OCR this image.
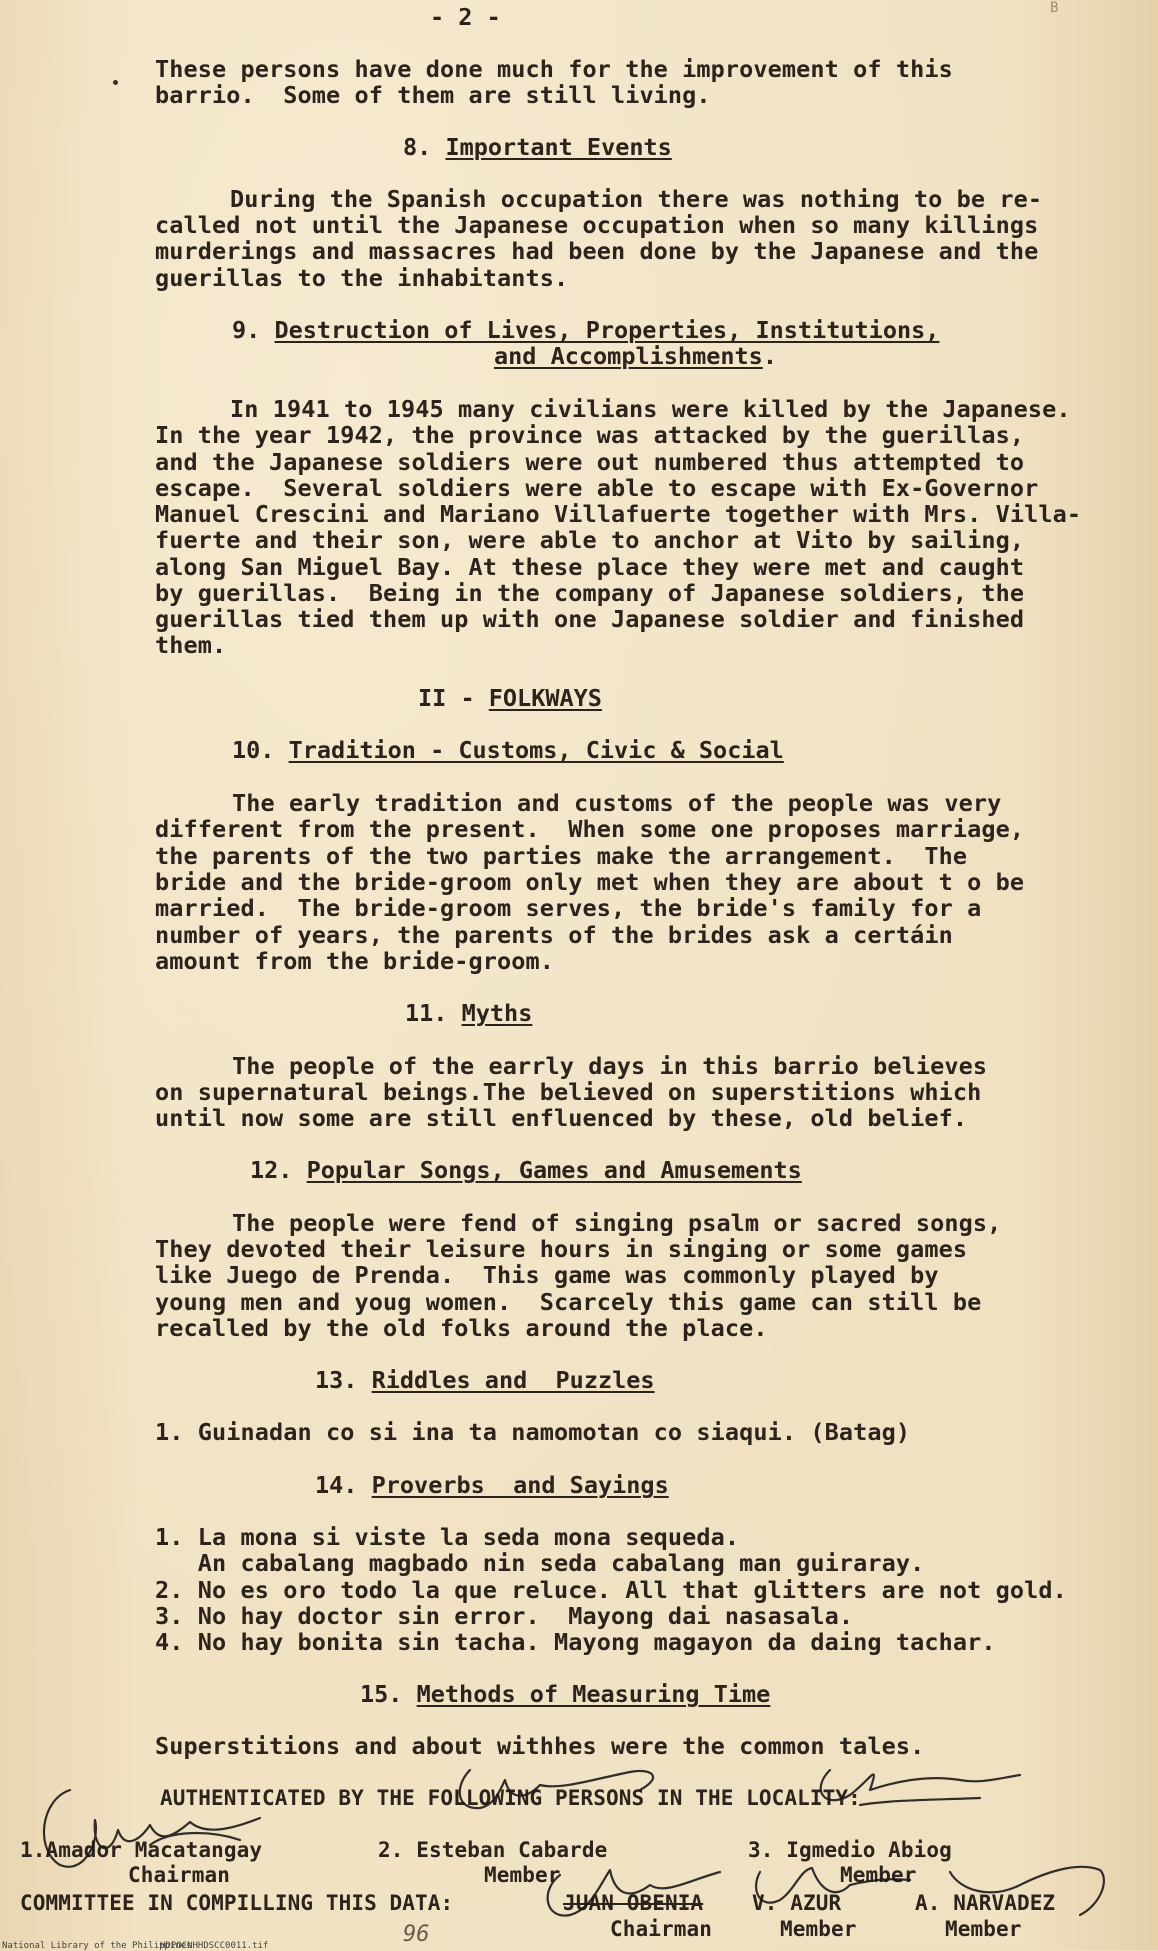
- 2 -	B
These persons have done much for the improvement of this
barrio.  Some of them are still living.
8. Important Events
During the Spanish occupation there was nothing to be re-
called not until the Japanese occupation when so many killings
murderings and massacres had been done by the Japanese and the
guerillas to the inhabitants.
9. Destruction of Lives, Properties, Institutions,
and Accomplishments.
In 1941 to 1945 many civilians were killed by the Japanese.
In the year 1942, the province was attacked by the guerillas,
and the Japanese soldiers were out numbered thus attempted to
escape.  Several soldiers were able to escape with Ex-Governor
Manuel Crescini and Mariano Villafuerte together with Mrs. Villa-
fuerte and their son, were able to anchor at Vito by sailing,
along San Miguel Bay. At these place they were met and caught
by guerillas.  Being in the company of Japanese soldiers, the
guerillas tied them up with one Japanese soldier and finished
them.
II - FOLKWAYS
10. Tradition - Customs, Civic & Social
The early tradition and customs of the people was very
different from the present.  When some one proposes marriage,
the parents of the two parties make the arrangement.  The
bride and the bride-groom only met when they are about t o be
married.  The bride-groom serves, the bride's family for a
number of years, the parents of the brides ask a certáin
amount from the bride-groom.
11. Myths
The people of the earrly days in this barrio believes
on supernatural beings.The believed on superstitions which
until now some are still enfluenced by these, old belief.
12. Popular Songs, Games and Amusements
The people were fend of singing psalm or sacred songs,
They devoted their leisure hours in singing or some games
like Juego de Prenda.  This game was commonly played by
young men and youg women.  Scarcely this game can still be
recalled by the old folks around the place.
13. Riddles and  Puzzles
1. Guinadan co si ina ta namomotan co siaqui. (Batag)
14. Proverbs  and Sayings
1. La mona si viste la seda mona sequeda.
An cabalang magbado nin seda cabalang man guiraray.
2. No es oro todo la que reluce. All that glitters are not gold.
3. No hay doctor sin error.  Mayong dai nasasala.
4. No hay bonita sin tacha. Mayong magayon da daing tachar.
15. Methods of Measuring Time
Superstitions and about withhes were the common tales.
AUTHENTICATED BY THE FOLLOWING PERSONS IN THE LOCALITY:
1.Amador Macatangay
Chairman
2. Esteban Cabarde
Member
3. Igmedio Abiog
Member
COMMITTEE IN COMPILLING THIS DATA:	JUAN OBENIA
Chairman
V. AZUR
Member
A. NARVADEZ
Member
National Library of the Philippines
HDPOCNHHDSCC0011.tif	96
